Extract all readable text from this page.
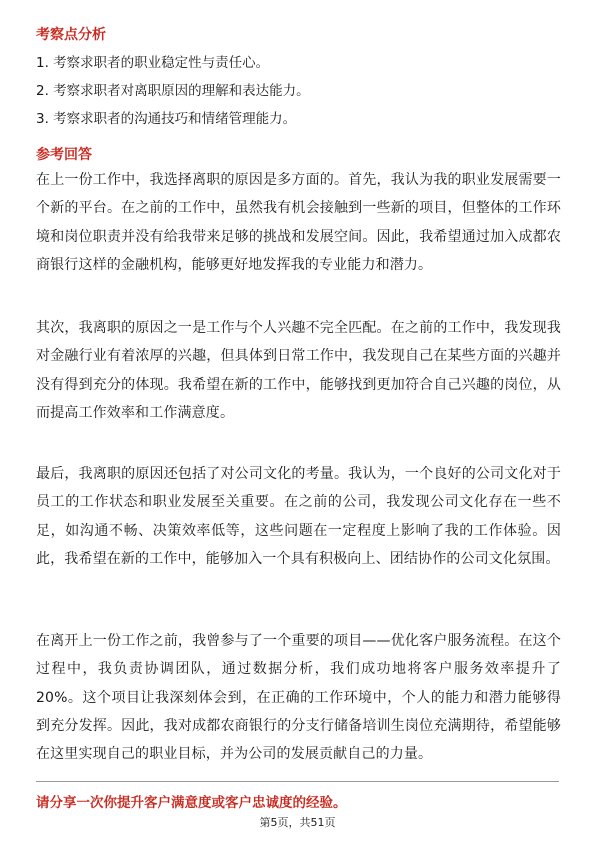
考察点分析

1. 考察求职者的职业稳定性与责任心。

2. 考察求职者对离职原因的理解和表达能力。

3. 考察求职者的沟通技巧和情绪管理能力。

参考回答

在上一份工作中，我选择离职的原因是多方面的。首先，我认为我的职业发展需要一个新的平台。在之前的工作中，虽然我有机会接触到一些新的项目，但整体的工作环境和岗位职责并没有给我带来足够的挑战和发展空间。因此，我希望通过加入成都农商银行这样的金融机构，能够更好地发挥我的专业能力和潜力。

其次，我离职的原因之一是工作与个人兴趣不完全匹配。在之前的工作中，我发现我对金融行业有着浓厚的兴趣，但具体到日常工作中，我发现自己在某些方面的兴趣并没有得到充分的体现。我希望在新的工作中，能够找到更加符合自己兴趣的岗位，从而提高工作效率和工作满意度。

最后，我离职的原因还包括了对公司文化的考量。我认为，一个良好的公司文化对于员工的工作状态和职业发展至关重要。在之前的公司，我发现公司文化存在一些不足，如沟通不畅、决策效率低等，这些问题在一定程度上影响了我的工作体验。因此，我希望在新的工作中，能够加入一个具有积极向上、团结协作的公司文化氛围。

在离开上一份工作之前，我曾参与了一个重要的项目——优化客户服务流程。在这个过程中，我负责协调团队，通过数据分析，我们成功地将客户服务效率提升了20%。这个项目让我深刻体会到，在正确的工作环境中，个人的能力和潜力能够得到充分发挥。因此，我对成都农商银行的分支行储备培训生岗位充满期待，希望能够在这里实现自己的职业目标，并为公司的发展贡献自己的力量。

请分享一次你提升客户满意度或客户忠诚度的经验。

第5页，共51页
